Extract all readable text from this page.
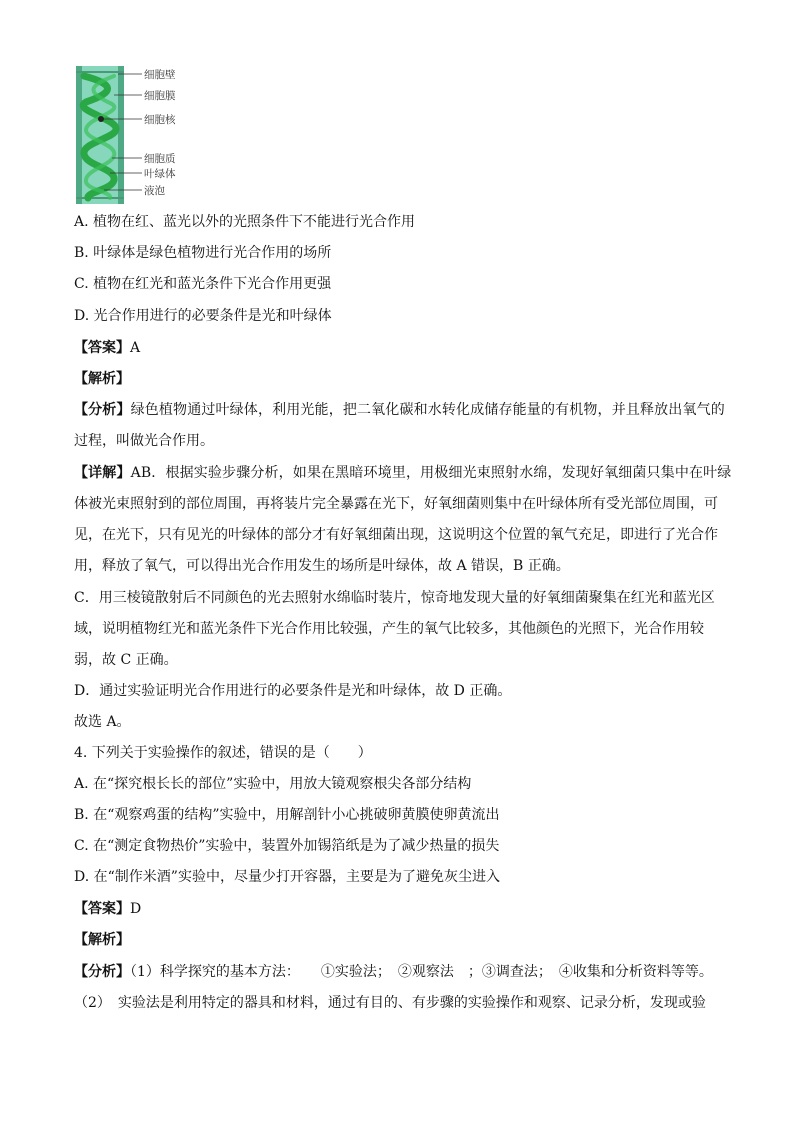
细胞壁
细胞膜
细胞核
细胞质
叶绿体
液泡
A. 植物在红、蓝光以外的光照条件下不能进行光合作用
B. 叶绿体是绿色植物进行光合作用的场所
C. 植物在红光和蓝光条件下光合作用更强
D. 光合作用进行的必要条件是光和叶绿体
【答案】A
【解析】
【分析】绿色植物通过叶绿体，利用光能，把二氧化碳和水转化成储存能量的有机物，并且释放出氧气的
过程，叫做光合作用。
【详解】AB．根据实验步骤分析，如果在黑暗环境里，用极细光束照射水绵，发现好氧细菌只集中在叶绿
体被光束照射到的部位周围，再将装片完全暴露在光下，好氧细菌则集中在叶绿体所有受光部位周围，可
见，在光下，只有见光的叶绿体的部分才有好氧细菌出现，这说明这个位置的氧气充足，即进行了光合作
用，释放了氧气，可以得出光合作用发生的场所是叶绿体，故 A 错误，B 正确。
C．用三棱镜散射后不同颜色的光去照射水绵临时装片，惊奇地发现大量的好氧细菌聚集在红光和蓝光区
域，说明植物红光和蓝光条件下光合作用比较强，产生的氧气比较多，其他颜色的光照下，光合作用较
弱，故 C 正确。
D．通过实验证明光合作用进行的必要条件是光和叶绿体，故 D 正确。
故选 A。
4. 下列关于实验操作的叙述，错误的是（　　）
A. 在“探究根长长的部位”实验中，用放大镜观察根尖各部分结构
B. 在“观察鸡蛋的结构”实验中，用解剖针小心挑破卵黄膜使卵黄流出
C. 在“测定食物热价”实验中，装置外加锡箔纸是为了减少热量的损失
D. 在“制作米酒”实验中，尽量少打开容器，主要是为了避免灰尘进入
【答案】D
【解析】
【分析】（1）科学探究的基本方法：　　①实验法；　②观察法　；③调查法；　④收集和分析资料等等。
（2）　实验法是利用特定的器具和材料，通过有目的、有步骤的实验操作和观察、记录分析，发现或验
